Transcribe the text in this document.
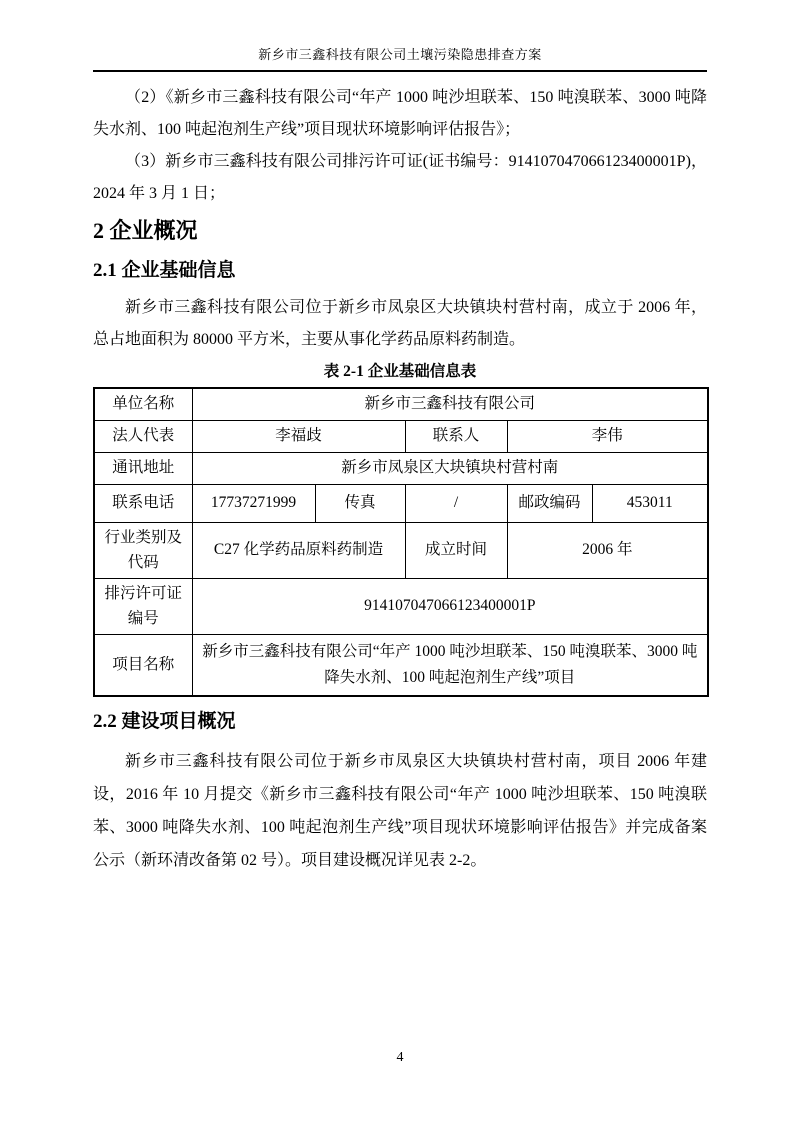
新乡市三鑫科技有限公司土壤污染隐患排查方案

（2）《新乡市三鑫科技有限公司“年产 1000 吨沙坦联苯、150 吨溴联苯、3000 吨降失水剂、100 吨起泡剂生产线”项目现状环境影响评估报告》；

（3）新乡市三鑫科技有限公司排污许可证(证书编号：914107047066123400001P)，2024 年 3 月 1 日；

2 企业概况
2.1 企业基础信息

新乡市三鑫科技有限公司位于新乡市凤泉区大块镇块村营村南，成立于 2006 年，总占地面积为 80000 平方米，主要从事化学药品原料药制造。

表 2-1 企业基础信息表
单位名称	新乡市三鑫科技有限公司				
法人代表	李福歧		联系人	李伟	
通讯地址	新乡市凤泉区大块镇块村营村南				
联系电话	17737271999	传真	/	邮政编码	453011
行业类别及代码	C27 化学药品原料药制造		成立时间	2006 年	
排污许可证编号	914107047066123400001P				
项目名称	新乡市三鑫科技有限公司“年产 1000 吨沙坦联苯、150 吨溴联苯、3000 吨降失水剂、100 吨起泡剂生产线”项目				
2.2 建设项目概况

新乡市三鑫科技有限公司位于新乡市凤泉区大块镇块村营村南，项目 2006 年建设，2016 年 10 月提交《新乡市三鑫科技有限公司“年产 1000 吨沙坦联苯、150 吨溴联苯、3000 吨降失水剂、100 吨起泡剂生产线”项目现状环境影响评估报告》并完成备案公示（新环清改备第 02 号）。项目建设概况详见表 2-2。

4
